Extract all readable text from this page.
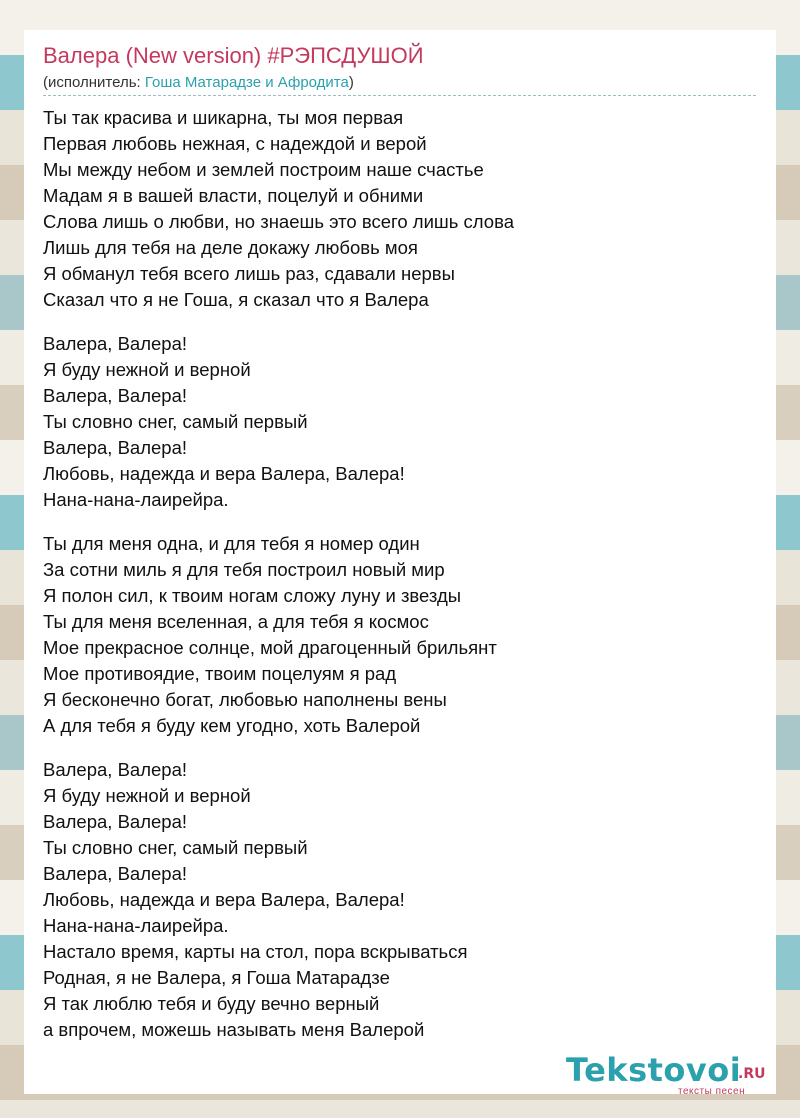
Валера (New version) #РЭПСДУШОЙ
(исполнитель: Гоша Матарадзе и Афродита)
Ты так красива и шикарна, ты моя первая
Первая любовь нежная, с надеждой и верой
Мы между небом и землей построим наше счастье
Мадам я в вашей власти, поцелуй и обними
Слова лишь о любви, но знаешь это всего лишь слова
Лишь для тебя на деле докажу любовь моя
Я обманул тебя всего лишь раз, сдавали нервы
Сказал что я не Гоша, я сказал что я Валера
Валера, Валера!
Я буду нежной и верной
Валера, Валера!
Ты словно снег, самый первый
Валера, Валера!
Любовь, надежда и вера Валера, Валера!
Нана-нана-лаирейра.
Ты для меня одна, и для тебя я номер один
За сотни миль я для тебя построил новый мир
Я полон сил, к твоим ногам сложу луну и звезды
Ты для меня вселенная, а для тебя я космос
Мое прекрасное солнце, мой драгоценный брильянт
Мое противоядие, твоим поцелуям я рад
Я бесконечно богат, любовью наполнены вены
А для тебя я буду кем угодно, хоть Валерой
Валера, Валера!
Я буду нежной и верной
Валера, Валера!
Ты словно снег, самый первый
Валера, Валера!
Любовь, надежда и вера Валера, Валера!
Нана-нана-лаирейра.
Настало время, карты на стол, пора вскрываться
Родная, я не Валера, я Гоша Матарадзе
Я так люблю тебя и буду вечно верный
а впрочем, можешь называть меня Валерой
Tekstovoi
.RU
тексты песен
